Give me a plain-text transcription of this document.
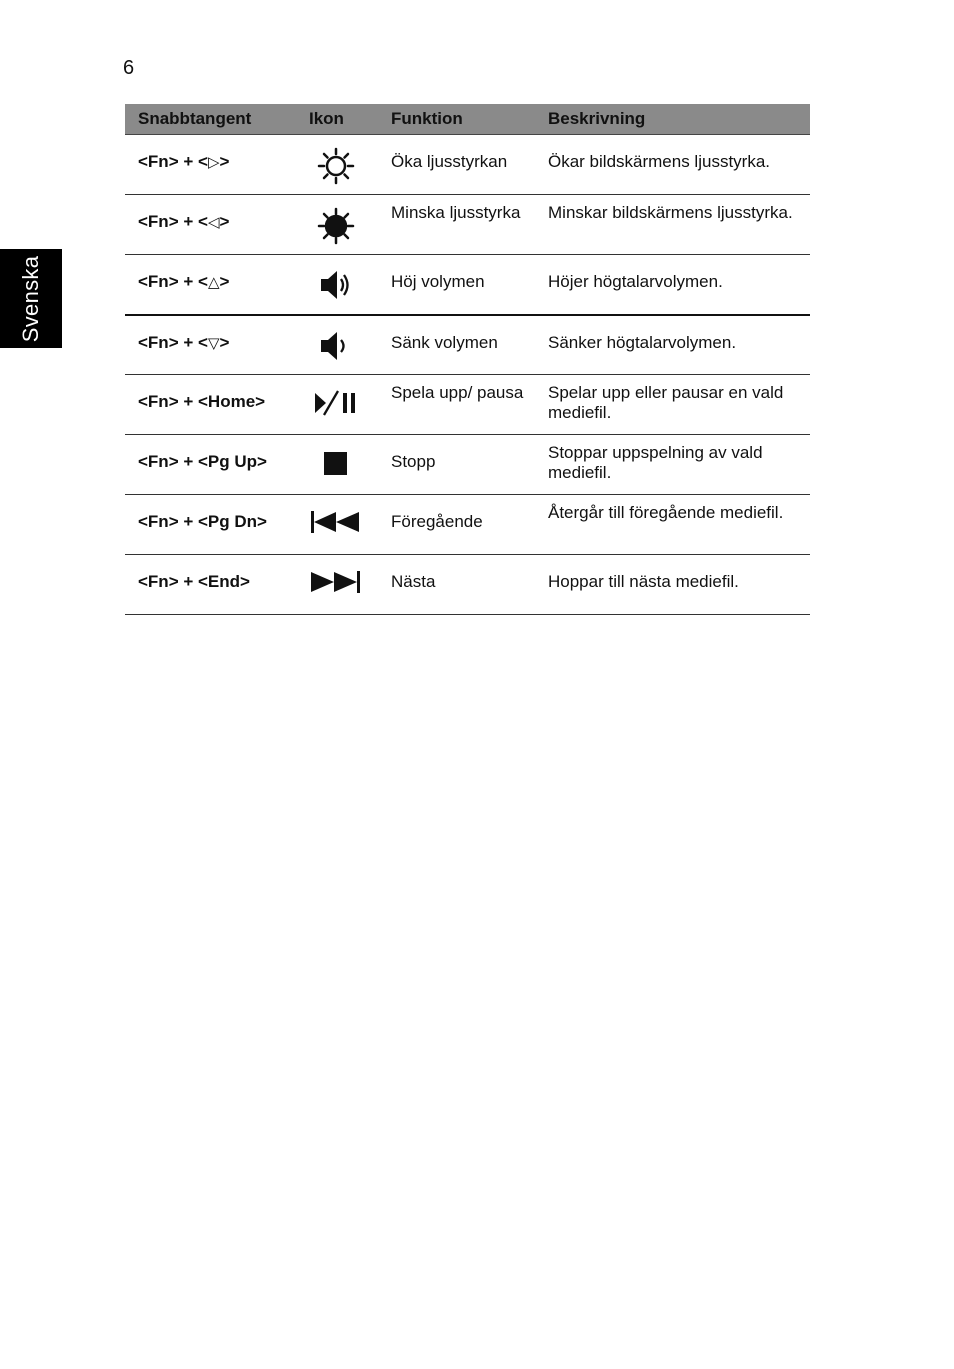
6
Svenska
Snabbtangent	Ikon	Funktion	Beskrivning
<Fn> + <▷>		Öka ljusstyrkan	Ökar bildskärmens ljusstyrka.
<Fn> + <◁>		Minska ljusstyrka	Minskar bildskärmens ljusstyrka.
<Fn> + <△>		Höj volymen	Höjer högtalarvolymen.
<Fn> + <▽>		Sänk volymen	Sänker högtalarvolymen.
<Fn> + <Home>		Spela upp/ pausa	Spelar upp eller pausar en vald mediefil.
<Fn> + <Pg Up>		Stopp	Stoppar uppspelning av vald mediefil.
<Fn> + <Pg Dn>		Föregående	Återgår till föregående mediefil.
<Fn> + <End>		Nästa	Hoppar till nästa mediefil.
